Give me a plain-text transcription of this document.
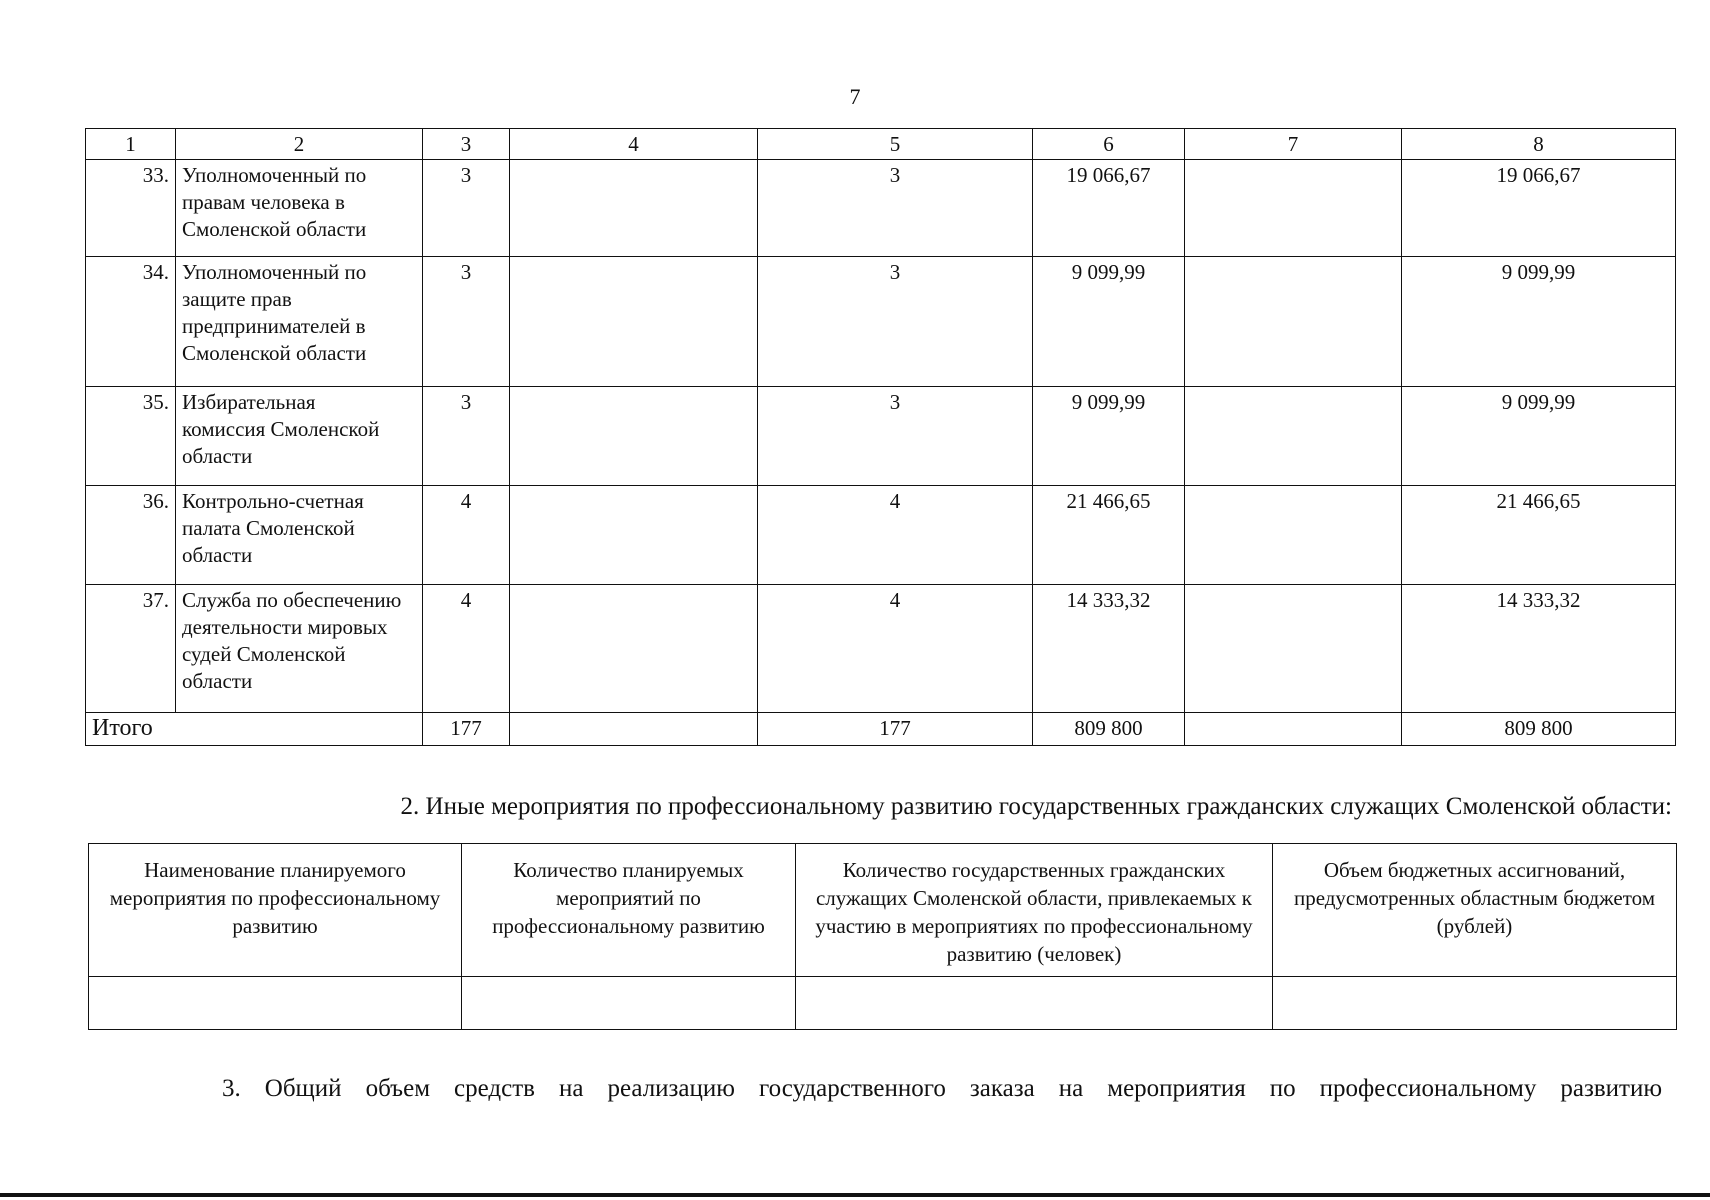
7
1	2	3	4	5	6	7	8
33.	Уполномоченный по
правам человека в
Смоленской области	3		3	19 066,67		19 066,67
34.	Уполномоченный по
защите прав
предпринимателей в
Смоленской области	3		3	9 099,99		9 099,99
35.	Избирательная
комиссия Смоленской
области	3		3	9 099,99		9 099,99
36.	Контрольно-счетная
палата Смоленской
области	4		4	21 466,65		21 466,65
37.	Служба по обеспечению
деятельности мировых
судей Смоленской
области	4		4	14 333,32		14 333,32
Итого		177		177	809 800		809 800
2. Иные мероприятия по профессиональному развитию государственных гражданских служащих Смоленской области:
Наименование планируемого мероприятия по профессиональному развитию	Количество планируемых мероприятий по профессиональному развитию	Количество государственных гражданских служащих Смоленской области, привлекаемых к участию в мероприятиях по профессиональному развитию (человек)	Объем бюджетных ассигнований, предусмотренных областным бюджетом (рублей)

3. Общий объем средств на реализацию государственного заказа на мероприятия по профессиональному развитию
